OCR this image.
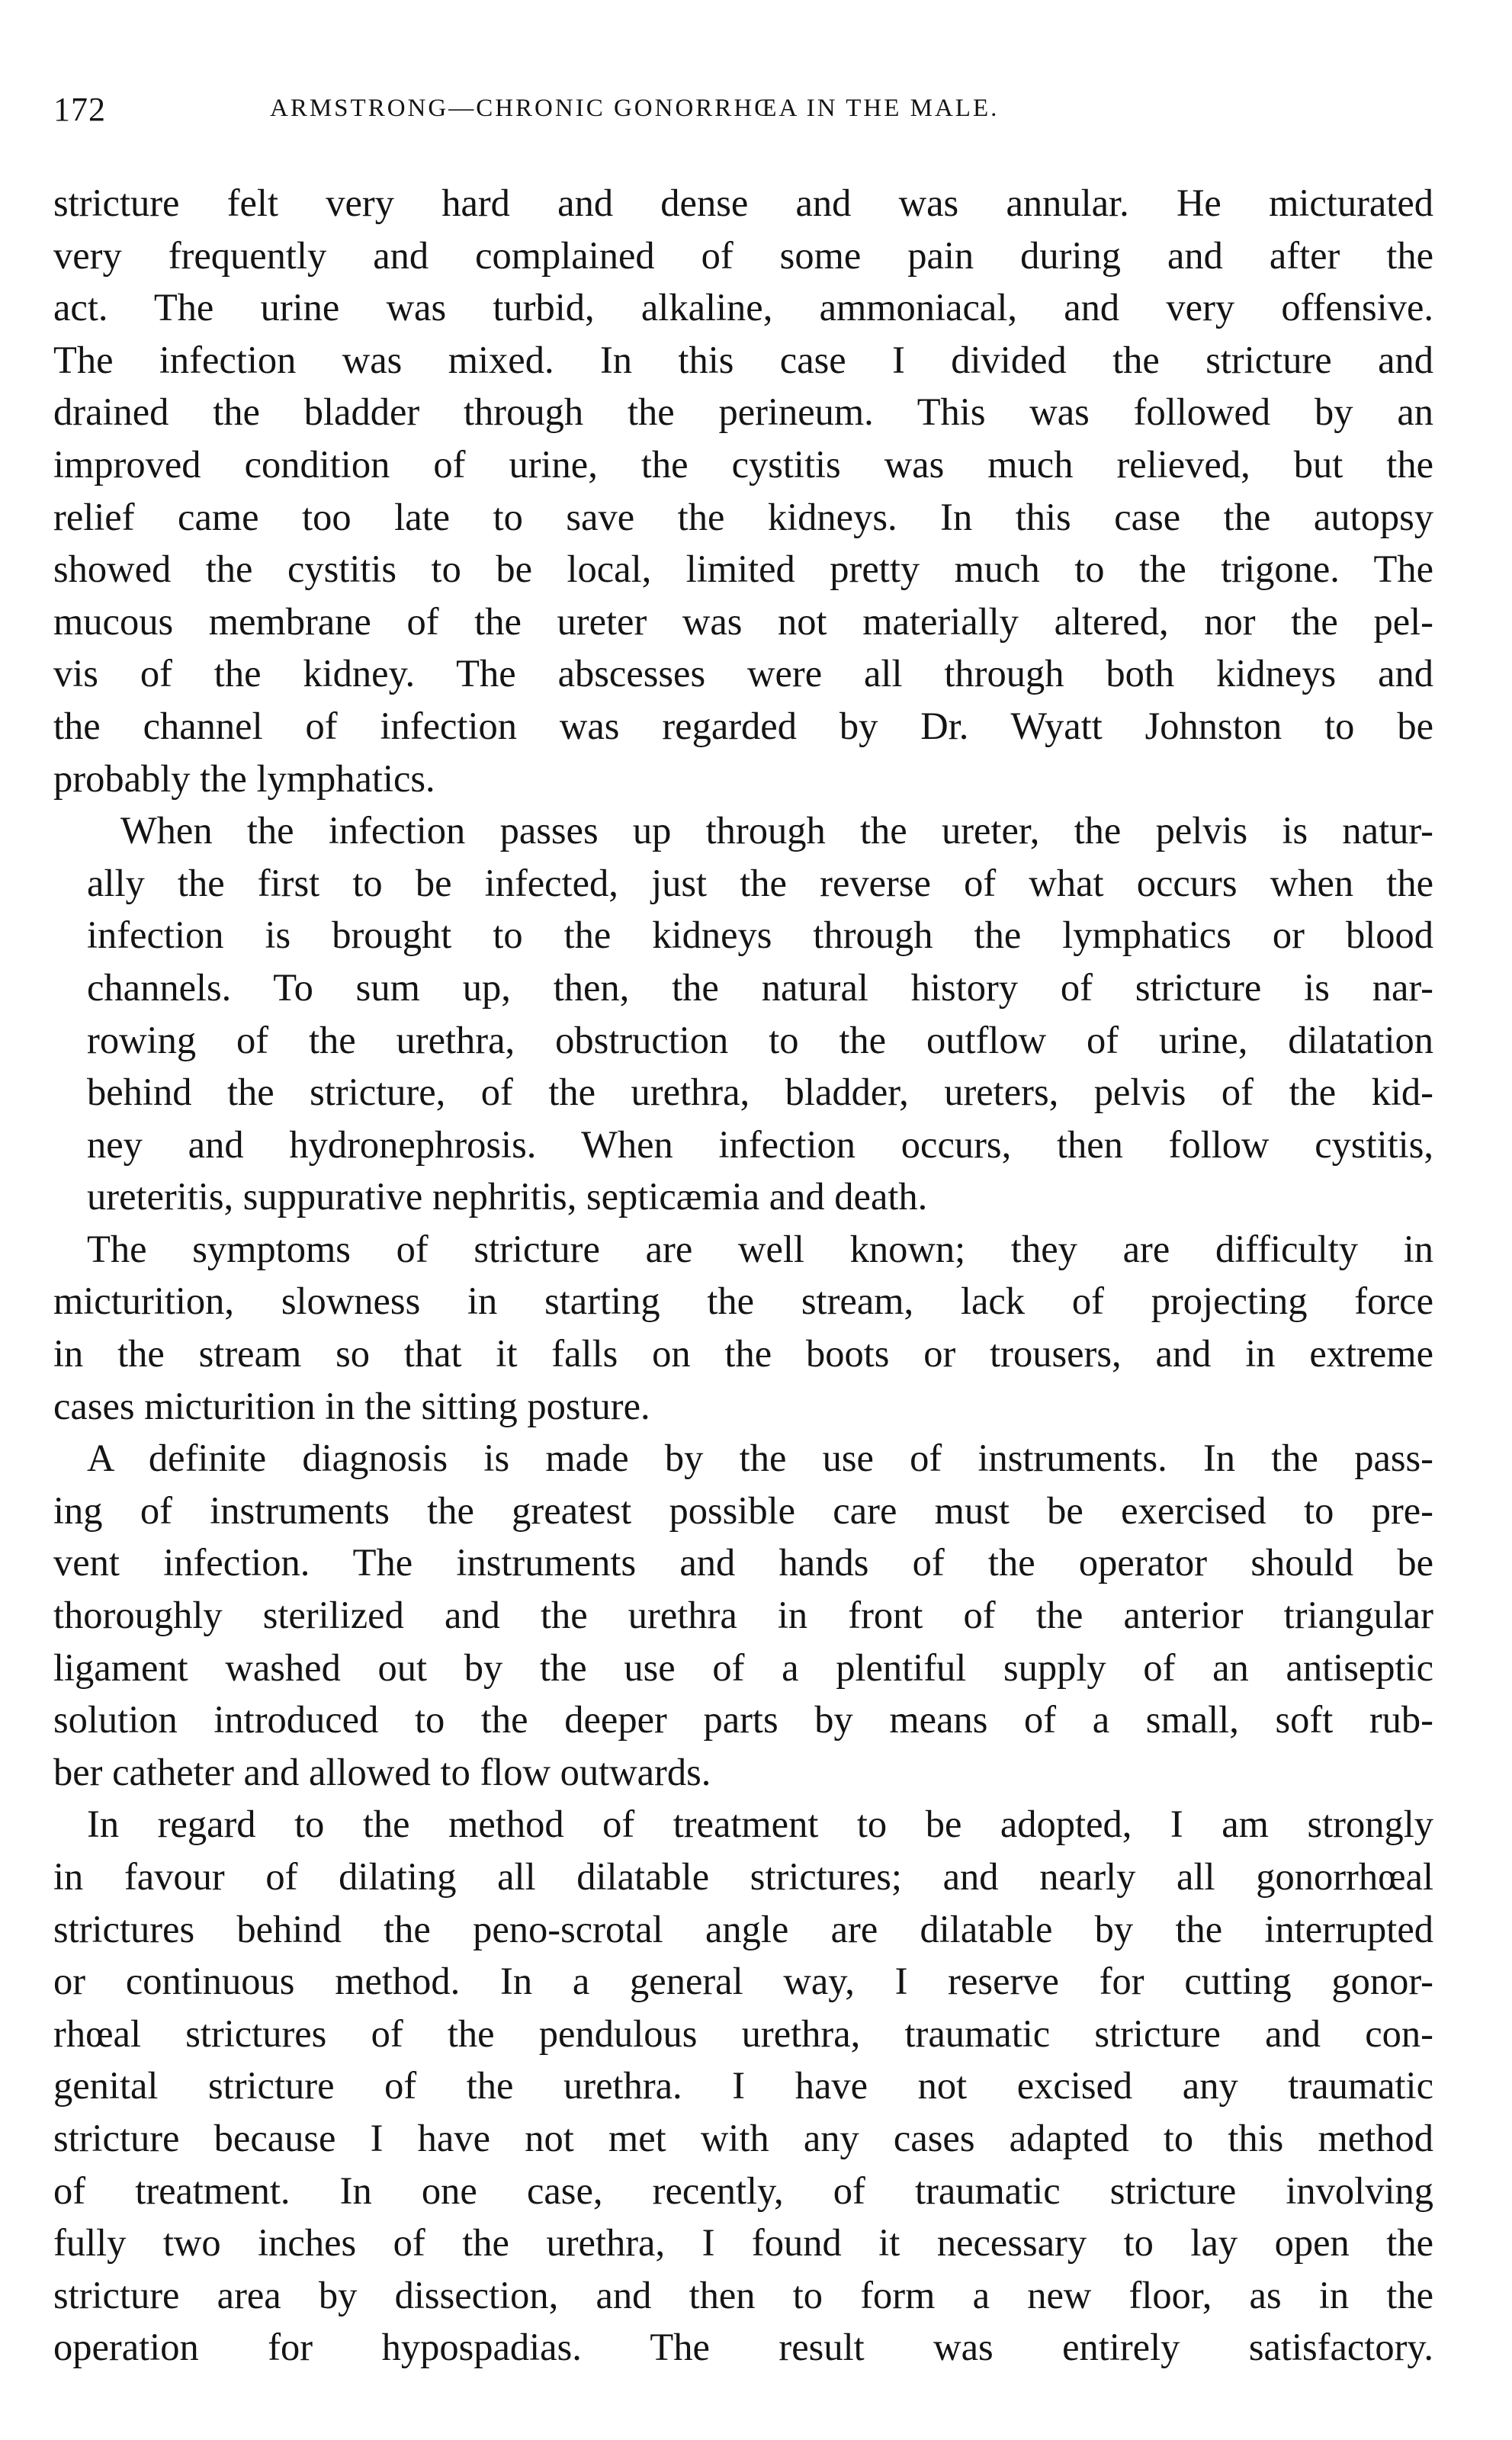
172	ARMSTRONG—CHRONIC GONORRHŒA IN THE MALE.
stricture felt very hard and dense and was annular. He micturated
very frequently and complained of some pain during and after the
act. The urine was turbid, alkaline, ammoniacal, and very offensive.
The infection was mixed. In this case I divided the stricture and
drained the bladder through the perineum. This was followed by an
improved condition of urine, the cystitis was much relieved, but the
relief came too late to save the kidneys. In this case the autopsy
showed the cystitis to be local, limited pretty much to the trigone. The
mucous membrane of the ureter was not materially altered, nor the pel-
vis of the kidney. The abscesses were all through both kidneys and
the channel of infection was regarded by Dr. Wyatt Johnston to be
probably the lymphatics.
When the infection passes up through the ureter, the pelvis is natur-
ally the first to be infected, just the reverse of what occurs when the
infection is brought to the kidneys through the lymphatics or blood
channels. To sum up, then, the natural history of stricture is nar-
rowing of the urethra, obstruction to the outflow of urine, dilatation
behind the stricture, of the urethra, bladder, ureters, pelvis of the kid-
ney and hydronephrosis. When infection occurs, then follow cystitis,
ureteritis, suppurative nephritis, septicæmia and death.
The symptoms of stricture are well known; they are difficulty in
micturition, slowness in starting the stream, lack of projecting force
in the stream so that it falls on the boots or trousers, and in extreme
cases micturition in the sitting posture.
A definite diagnosis is made by the use of instruments. In the pass-
ing of instruments the greatest possible care must be exercised to pre-
vent infection. The instruments and hands of the operator should be
thoroughly sterilized and the urethra in front of the anterior triangular
ligament washed out by the use of a plentiful supply of an antiseptic
solution introduced to the deeper parts by means of a small, soft rub-
ber catheter and allowed to flow outwards.
In regard to the method of treatment to be adopted, I am strongly
in favour of dilating all dilatable strictures; and nearly all gonorrhœal
strictures behind the peno-scrotal angle are dilatable by the interrupted
or continuous method. In a general way, I reserve for cutting gonor-
rhœal strictures of the pendulous urethra, traumatic stricture and con-
genital stricture of the urethra. I have not excised any traumatic
stricture because I have not met with any cases adapted to this method
of treatment. In one case, recently, of traumatic stricture involving
fully two inches of the urethra, I found it necessary to lay open the
stricture area by dissection, and then to form a new floor, as in the
operation for hypospadias. The result was entirely satisfactory.
